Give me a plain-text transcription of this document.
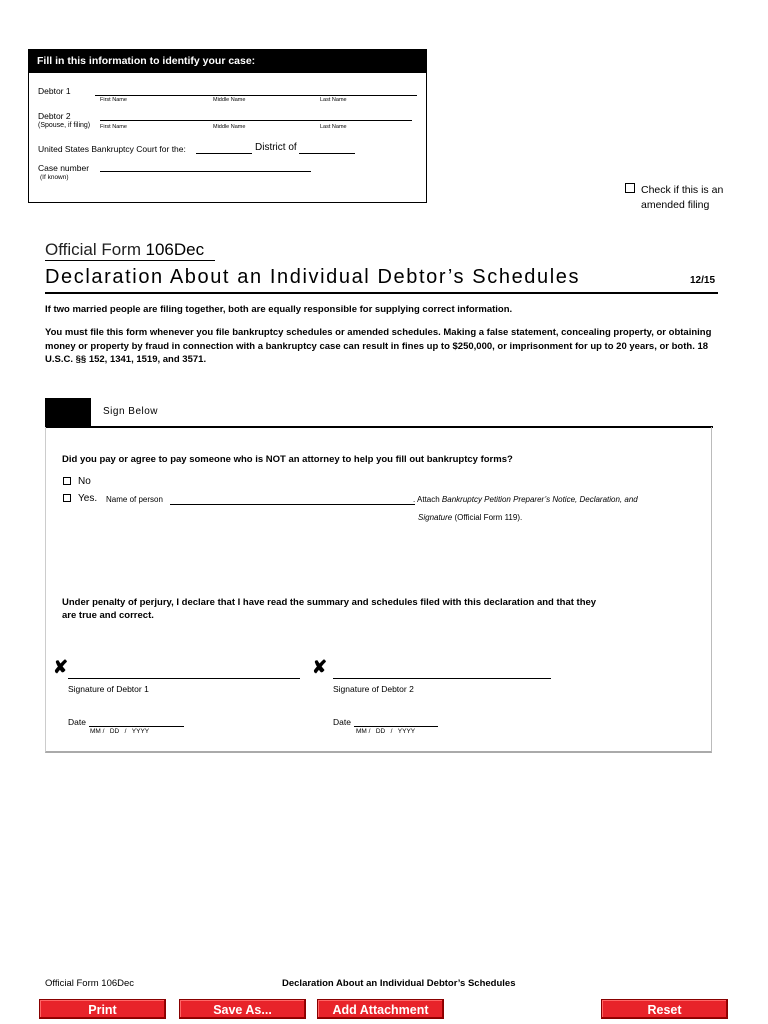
Fill in this information to identify your case:
Debtor 1
First Name	Middle Name	Last Name
Debtor 2
(Spouse, if filing) First Name	Middle Name	Last Name
United States Bankruptcy Court for the:	District of
Case number
(If known)
Check if this is an
amended filing
Official Form 106Dec
Declaration About an Individual Debtor’s Schedules	12/15
If two married people are filing together, both are equally responsible for supplying correct information.
You must file this form whenever you file bankruptcy schedules or amended schedules. Making a false statement, concealing property, or obtaining money or property by fraud in connection with a bankruptcy case can result in fines up to $250,000, or imprisonment for up to 20 years, or both. 18 U.S.C. §§ 152, 1341, 1519, and 3571.
Sign Below
Did you pay or agree to pay someone who is NOT an attorney to help you fill out bankruptcy forms?
No
Yes. Name of person	. Attach Bankruptcy Petition Preparer’s Notice, Declaration, and
Signature (Official Form 119).
Under penalty of perjury, I declare that I have read the summary and schedules filed with this declaration and that they are true and correct.
✘
Signature of Debtor 1
✘
Signature of Debtor 2
Date
MM /   DD   /   YYYY
Date
MM /   DD   /   YYYY
Official Form 106Dec	Declaration About an Individual Debtor’s Schedules
Print	Save As...	Add Attachment	Reset
